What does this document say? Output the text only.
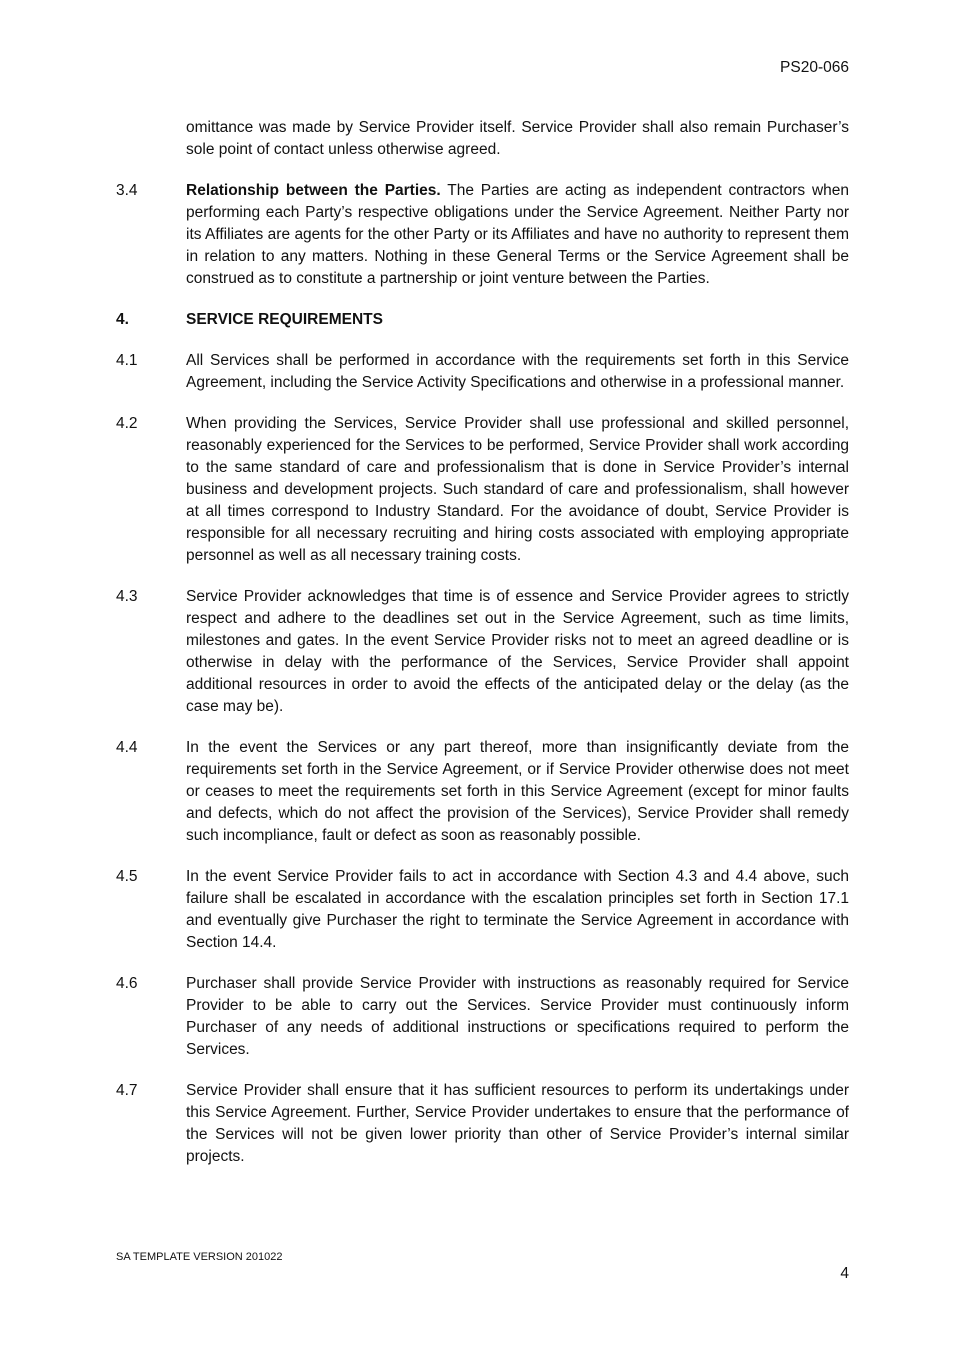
PS20-066
omittance was made by Service Provider itself. Service Provider shall also remain Purchaser’s sole point of contact unless otherwise agreed.
3.4	Relationship between the Parties. The Parties are acting as independent contractors when performing each Party’s respective obligations under the Service Agreement. Neither Party nor its Affiliates are agents for the other Party or its Affiliates and have no authority to represent them in relation to any matters. Nothing in these General Terms or the Service Agreement shall be construed as to constitute a partnership or joint venture between the Parties.
4.	SERVICE REQUIREMENTS
4.1	All Services shall be performed in accordance with the requirements set forth in this Service Agreement, including the Service Activity Specifications and otherwise in a professional manner.
4.2	When providing the Services, Service Provider shall use professional and skilled personnel, reasonably experienced for the Services to be performed, Service Provider shall work according to the same standard of care and professionalism that is done in Service Provider’s internal business and development projects. Such standard of care and professionalism, shall however at all times correspond to Industry Standard. For the avoidance of doubt, Service Provider is responsible for all necessary recruiting and hiring costs associated with employing appropriate personnel as well as all necessary training costs.
4.3	Service Provider acknowledges that time is of essence and Service Provider agrees to strictly respect and adhere to the deadlines set out in the Service Agreement, such as time limits, milestones and gates. In the event Service Provider risks not to meet an agreed deadline or is otherwise in delay with the performance of the Services, Service Provider shall appoint additional resources in order to avoid the effects of the anticipated delay or the delay (as the case may be).
4.4	In the event the Services or any part thereof, more than insignificantly deviate from the requirements set forth in the Service Agreement, or if Service Provider otherwise does not meet or ceases to meet the requirements set forth in this Service Agreement (except for minor faults and defects, which do not affect the provision of the Services), Service Provider shall remedy such incompliance, fault or defect as soon as reasonably possible.
4.5	In the event Service Provider fails to act in accordance with Section 4.3 and 4.4 above, such failure shall be escalated in accordance with the escalation principles set forth in Section 17.1 and eventually give Purchaser the right to terminate the Service Agreement in accordance with Section 14.4.
4.6	Purchaser shall provide Service Provider with instructions as reasonably required for Service Provider to be able to carry out the Services. Service Provider must continuously inform Purchaser of any needs of additional instructions or specifications required to perform the Services.
4.7	Service Provider shall ensure that it has sufficient resources to perform its undertakings under this Service Agreement. Further, Service Provider undertakes to ensure that the performance of the Services will not be given lower priority than other of Service Provider’s internal similar projects.
SA TEMPLATE VERSION 201022
4
